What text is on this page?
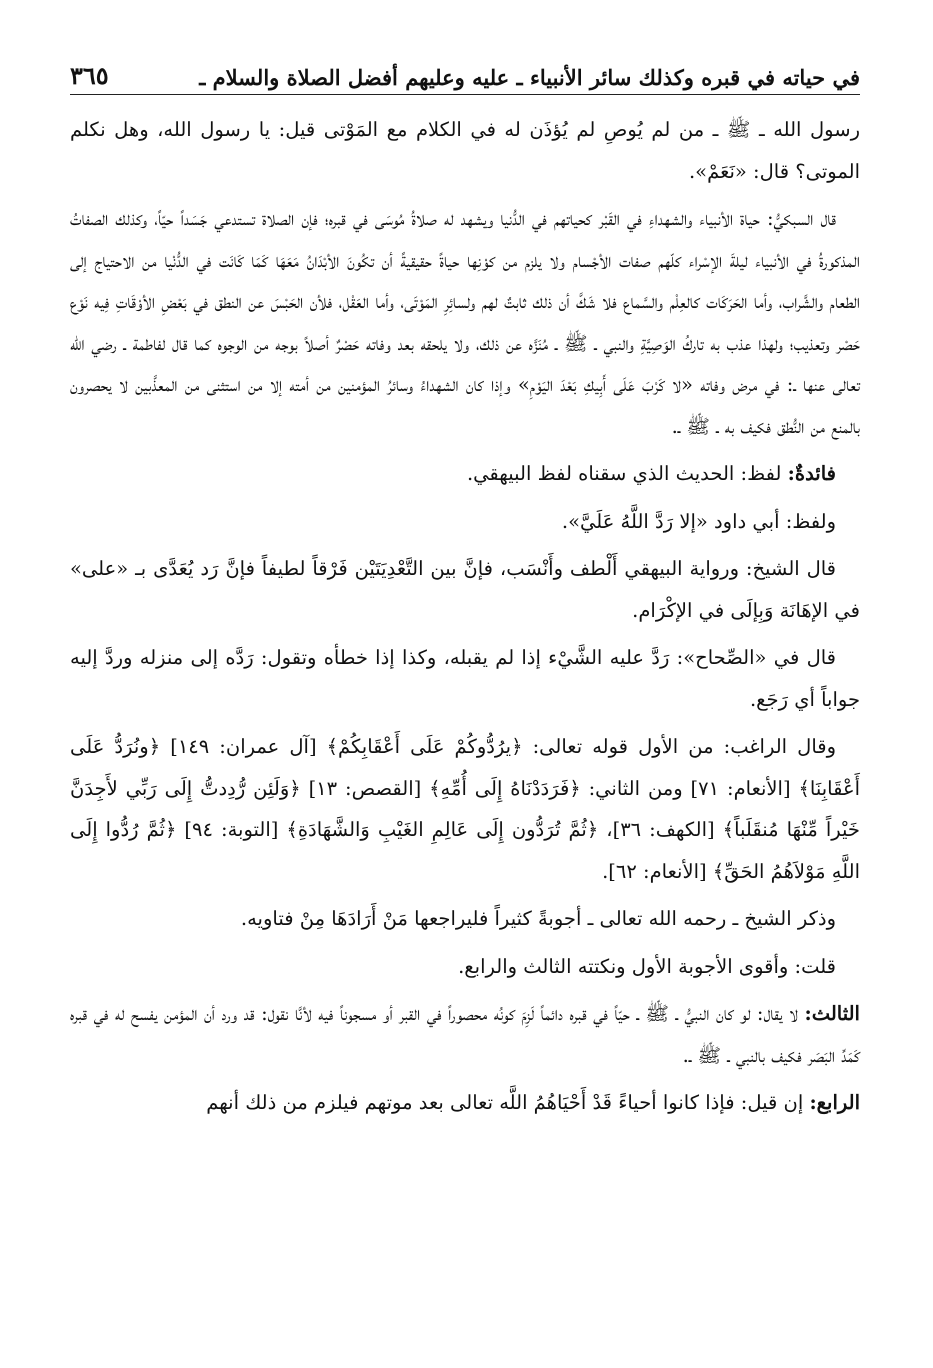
في حياته في قبره وكذلك سائر الأنبياء ـ عليه وعليهم أفضل الصلاة والسلام ـ
٣٦٥

رسول الله ـ ﷺ ـ من لم يُوصِ لم يُؤذَن له في الكلام مع المَوْتى قيل: يا رسول الله، وهل نكلم الموتى؟ قال: «نَعَمْ».

قال السبكيُّ: حياة الأنبياء والشهداءِ في القَبْر كحياتهم في الدُّنيا ويشهد له صلاةُ مُوسَى في قبره؛ فإن الصلاة تستدعي جَسَداً حيّاً، وكذلك الصفاتُ المذكورةُ في الأنبياء ليلةَ الإسْراء كلّهم صفات الأجْسام ولا يلزم من كوْنِها حياةً حقيقيةً أن تكُونَ الأبْدَانُ مَعَهَا كَمَا كَانَت في الدُّنْيا من الاحتياج إلى الطعام والشَّراب، وأما الحَرَكَات كالعِلْم والسَّماع فلا شَكَّ أن ذلك ثابتٌ لهم ولسائِرِ المَوْتَى، وأما العَقْل، فلأن الحَبْسَ عن النطق في بَعْضِ الأوْقَاتِ فِيه نَوْع حَصْر وتعذيب؛ ولهذا عذب به تاركُ الوَصِيَّةِ والنبي ـ ﷺ ـ مُنَزَّه عن ذلك، ولا يلحقه بعد وفاته حَصْرٌ أصلاً بوجه من الوجوه كما قال لفاطمة ـ رضي الله تعالى عنها ـ: في مرض وفاته «لا كَرْبَ عَلَى أَبِيكِ بَعْدَ اليَوْمِ» وإذا كان الشهداءُ وسائرُ المؤمنين من أمته إلا من استثنى من المعذَّبين لا يحصرون بالمنع من النُّطق فكيف به ـ ﷺ ـ.

فائدةٌ: لفظ: الحديث الذي سقناه لفظ البيهقي.

ولفظ: أبي داود «إلا رَدَّ اللَّهُ عَلَيَّ».

قال الشيخ: ورواية البيهقي أَلْطف وأَنْسَب، فإنَّ بين التَّعْدِيَتَيْن فَرْقاً لطيفاً فإنَّ رَد يُعَدَّى بـ «على» في الإهَانَة وَبِإلَى في الإكْرَام.

قال في «الصِّحاح»: رَدَّ عليه الشَّيْء إذا لم يقبله، وكذا إذا خطأه وتقول: رَدَّه إلى منزله وردَّ إليه جواباً أي رَجَع.

وقال الراغب: من الأول قوله تعالى: ﴿يرُدُّوكُمْ عَلَى أَعْقَابِكُمْ﴾ [آل عمران: ١٤٩] ﴿ونُرَدُّ عَلَى أَعْقَابِنَا﴾ [الأنعام: ٧١] ومن الثاني: ﴿فَرَدَدْنَاهُ إِلَى أُمِّهِ﴾ [القصص: ١٣] ﴿وَلَئِن رُّدِدتُّ إِلَى رَبِّي لأَجِدَنَّ خَيْراً مِّنْهَا مُنقَلَباً﴾ [الكهف: ٣٦]، ﴿ثُمَّ تُرَدُّون إِلَى عَالِمِ الغَيْبِ وَالشَّهَادَةِ﴾ [التوبة: ٩٤] ﴿ثُمَّ رُدُّوا إِلَى اللَّهِ مَوْلاَهُمُ الحَقِّ﴾ [الأنعام: ٦٢].

وذكر الشيخ ـ رحمه الله تعالى ـ أجوبةً كثيراً فليراجعها مَنْ أَرَادَهَا مِنْ فتاويه.

قلت: وأقوى الأجوبة الأول ونكتته الثالث والرابع.

الثالث: لا يقال: لو كان النبيُّ ـ ﷺ ـ حيّاً في قبره دائماً لَزِمَ كونُه محصوراً في القبر أو مسجوناً فيه لأنَّا نقول: قد ورد أن المؤمن يفسح له في قبره كَمَدِّ البَصَر فكيف بالنبي ـ ﷺ ـ.

الرابع: إن قيل: فإذا كانوا أحياءً قَدْ أَحْيَاهُمُ اللَّه تعالى بعد موتهم فيلزم من ذلك أنهم
